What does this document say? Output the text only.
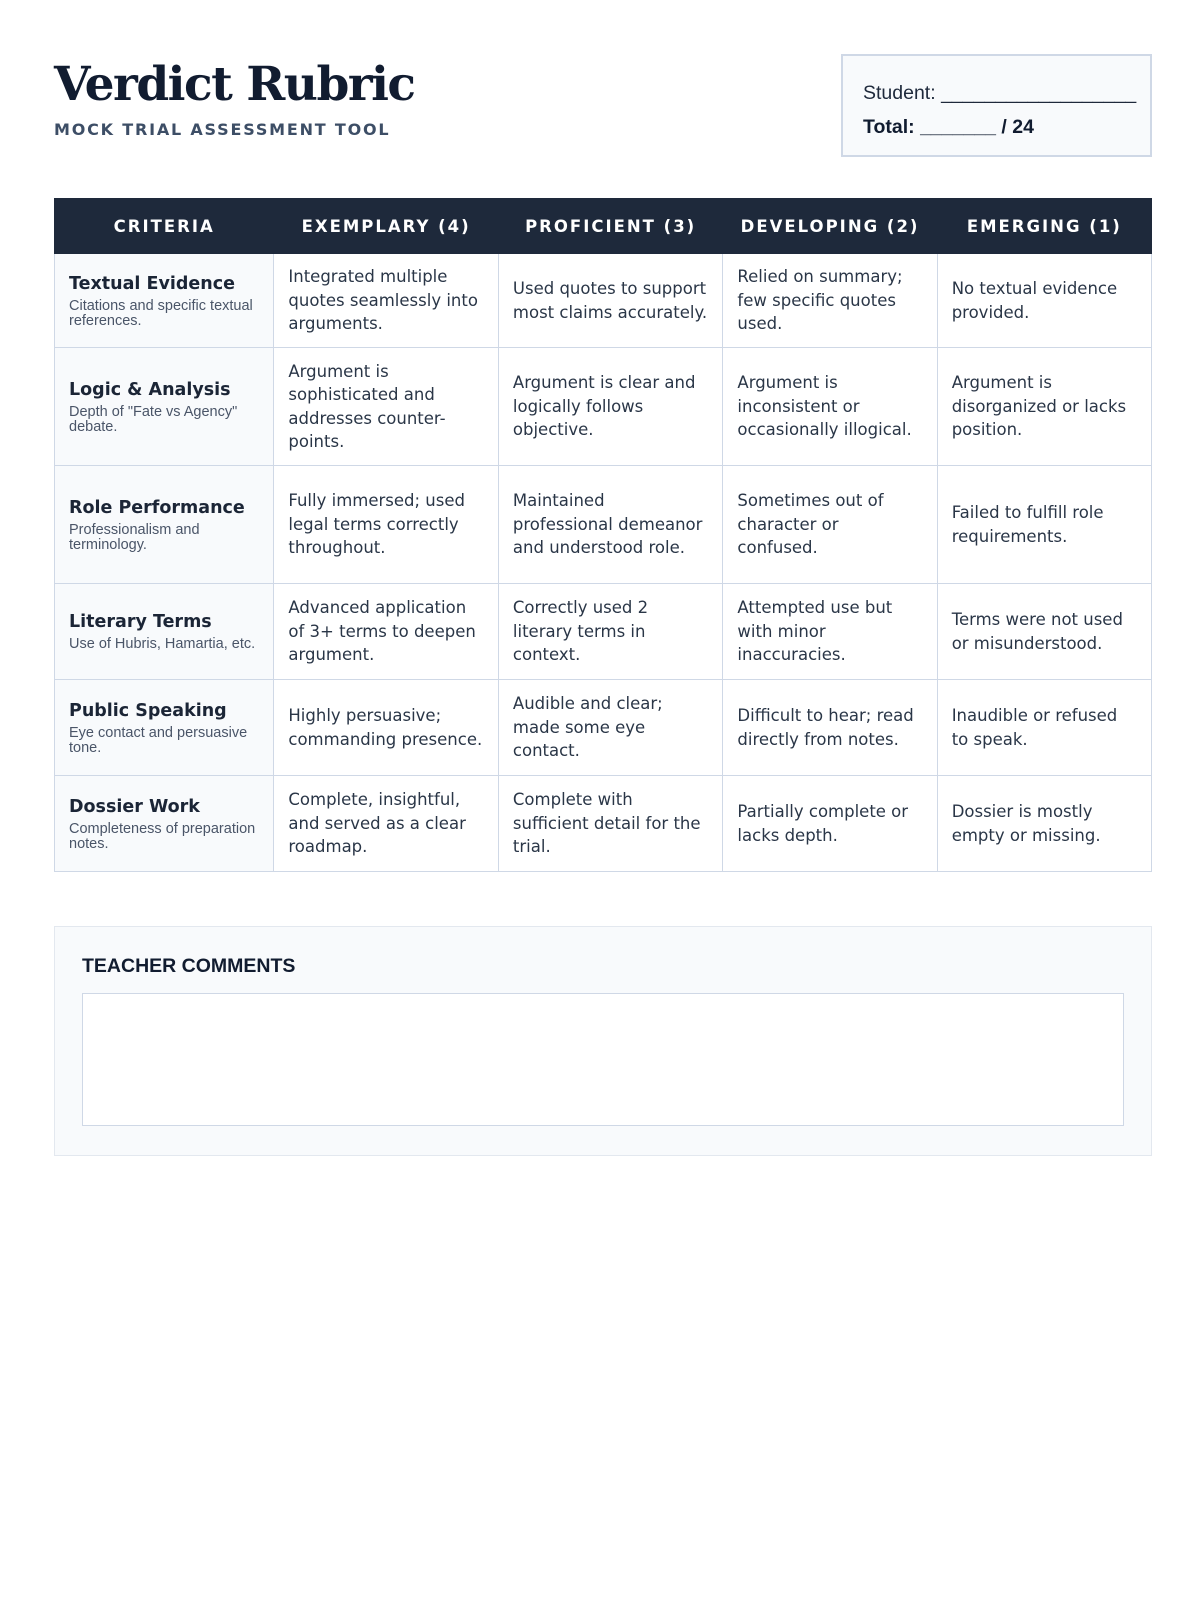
Verdict Rubric
MOCK TRIAL ASSESSMENT TOOL
Student: __________________
Total: _______ / 24
CRITERIA	EXEMPLARY (4)	PROFICIENT (3)	DEVELOPING (2)	EMERGING (1)

Textual Evidence
Citations and specific textual references.	Integrated multiple quotes seamlessly into arguments.	Used quotes to support most claims accurately.	Relied on summary; few specific quotes used.	No textual evidence provided.

Logic & Analysis
Depth of "Fate vs Agency" debate.	Argument is sophisticated and addresses counter-points.	Argument is clear and logically follows objective.	Argument is inconsistent or occasionally illogical.	Argument is disorganized or lacks position.

Role Performance
Professionalism and terminology.	Fully immersed; used legal terms correctly throughout.	Maintained professional demeanor and understood role.	Sometimes out of character or confused.	Failed to fulfill role requirements.

Literary Terms
Use of Hubris, Hamartia, etc.	Advanced application of 3+ terms to deepen argument.	Correctly used 2 literary terms in context.	Attempted use but with minor inaccuracies.	Terms were not used or misunderstood.

Public Speaking
Eye contact and persuasive tone.	Highly persuasive; commanding presence.	Audible and clear; made some eye contact.	Difficult to hear; read directly from notes.	Inaudible or refused to speak.

Dossier Work
Completeness of preparation notes.	Complete, insightful, and served as a clear roadmap.	Complete with sufficient detail for the trial.	Partially complete or lacks depth.	Dossier is mostly empty or missing.
TEACHER COMMENTS
